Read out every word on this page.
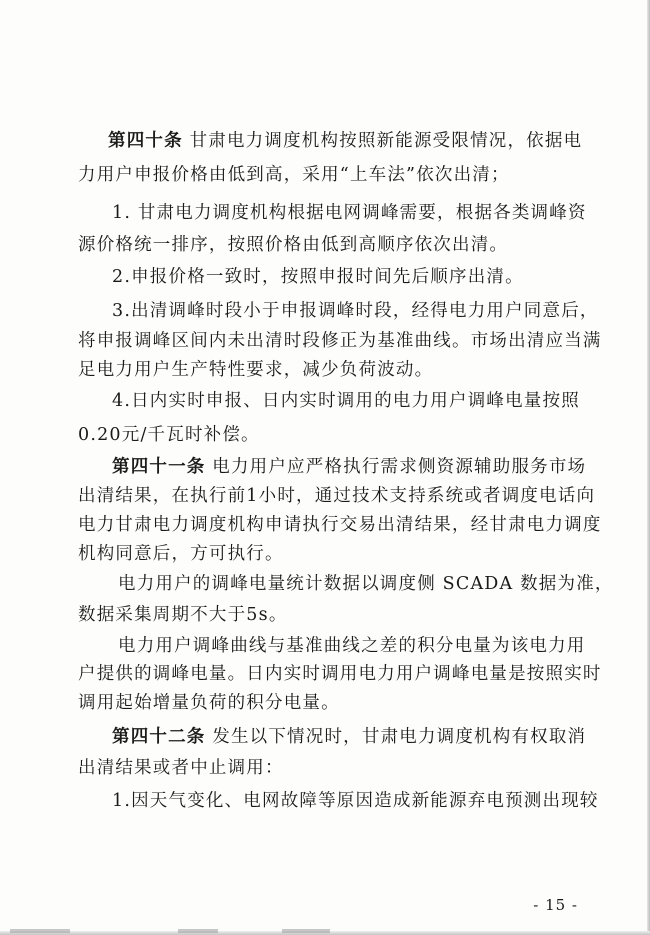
第四十条 甘肃电力调度机构按照新能源受限情况，依据电
力用户申报价格由低到高，采用“上车法”依次出清；
1. 甘肃电力调度机构根据电网调峰需要，根据各类调峰资
源价格统一排序，按照价格由低到高顺序依次出清。
2.申报价格一致时，按照申报时间先后顺序出清。
3.出清调峰时段小于申报调峰时段，经得电力用户同意后，
将申报调峰区间内未出清时段修正为基准曲线。市场出清应当满
足电力用户生产特性要求，减少负荷波动。
4.日内实时申报、日内实时调用的电力用户调峰电量按照
0.20元/千瓦时补偿。
第四十一条 电力用户应严格执行需求侧资源辅助服务市场
出清结果，在执行前1小时，通过技术支持系统或者调度电话向
电力甘肃电力调度机构申请执行交易出清结果，经甘肃电力调度
机构同意后，方可执行。
电力用户的调峰电量统计数据以调度侧 SCADA 数据为准，
数据采集周期不大于5s。
电力用户调峰曲线与基准曲线之差的积分电量为该电力用
户提供的调峰电量。日内实时调用电力用户调峰电量是按照实时
调用起始增量负荷的积分电量。
第四十二条 发生以下情况时，甘肃电力调度机构有权取消
出清结果或者中止调用：
1.因天气变化、电网故障等原因造成新能源弃电预测出现较
- 15 -
